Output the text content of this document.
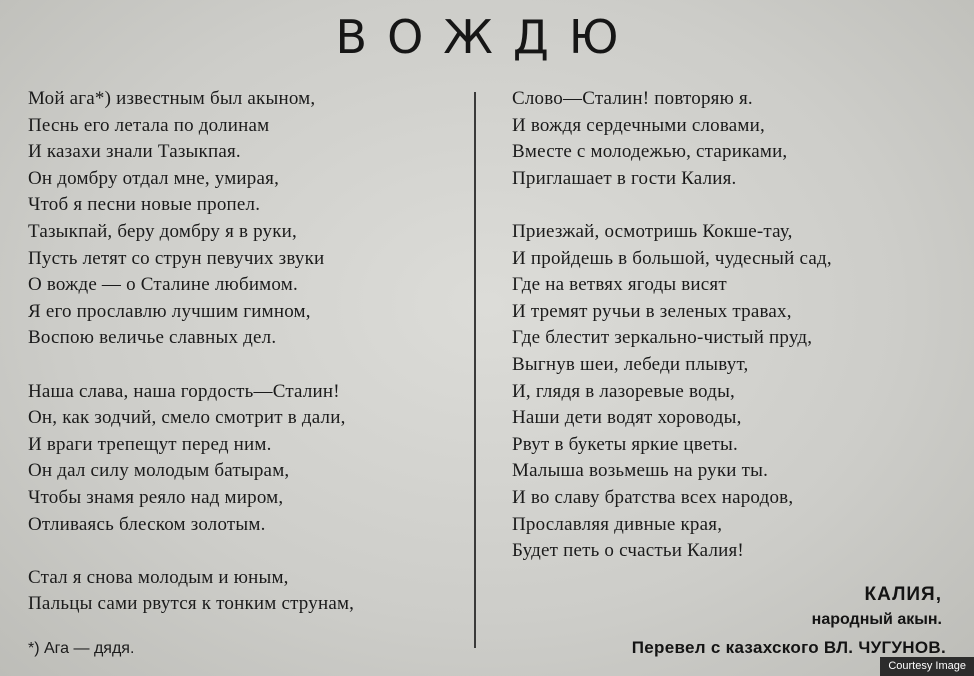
ВОЖДЮ
Мой ага*) известным был акыном,
Песнь его летала по долинам
И казахи знали Тазыкпая.
Он домбру отдал мне, умирая,
Чтоб я песни новые пропел.
Тазыкпай, беру домбру я в руки,
Пусть летят со струн певучих звуки
О вожде — о Сталине любимом.
Я его прославлю лучшим гимном,
Воспою величье славных дел.
Наша слава, наша гордость—Сталин!
Он, как зодчий, смело смотрит в дали,
И враги трепещут перед ним.
Он дал силу молодым батырам,
Чтобы знамя реяло над миром,
Отливаясь блеском золотым.
Стал я снова молодым и юным,
Пальцы сами рвутся к тонким струнам,
Слово—Сталин! повторяю я.
И вождя сердечными словами,
Вместе с молодежью, стариками,
Приглашает в гости Калия.
Приезжай, осмотришь Кокше-тау,
И пройдешь в большой, чудесный сад,
Где на ветвях ягоды висят
И тремят ручьи в зеленых травах,
Где блестит зеркально-чистый пруд,
Выгнув шеи, лебеди плывут,
И, глядя в лазоревые воды,
Наши дети водят хороводы,
Рвут в букеты яркие цветы.
Малыша возьмешь на руки ты.
И во славу братства всех народов,
Прославляя дивные края,
Будет петь о счастьи Калия!
*) Ага — дядя.
КАЛИЯ,
народный акын.
Перевел с казахского ВЛ. ЧУГУНОВ.
Courtesy Image
